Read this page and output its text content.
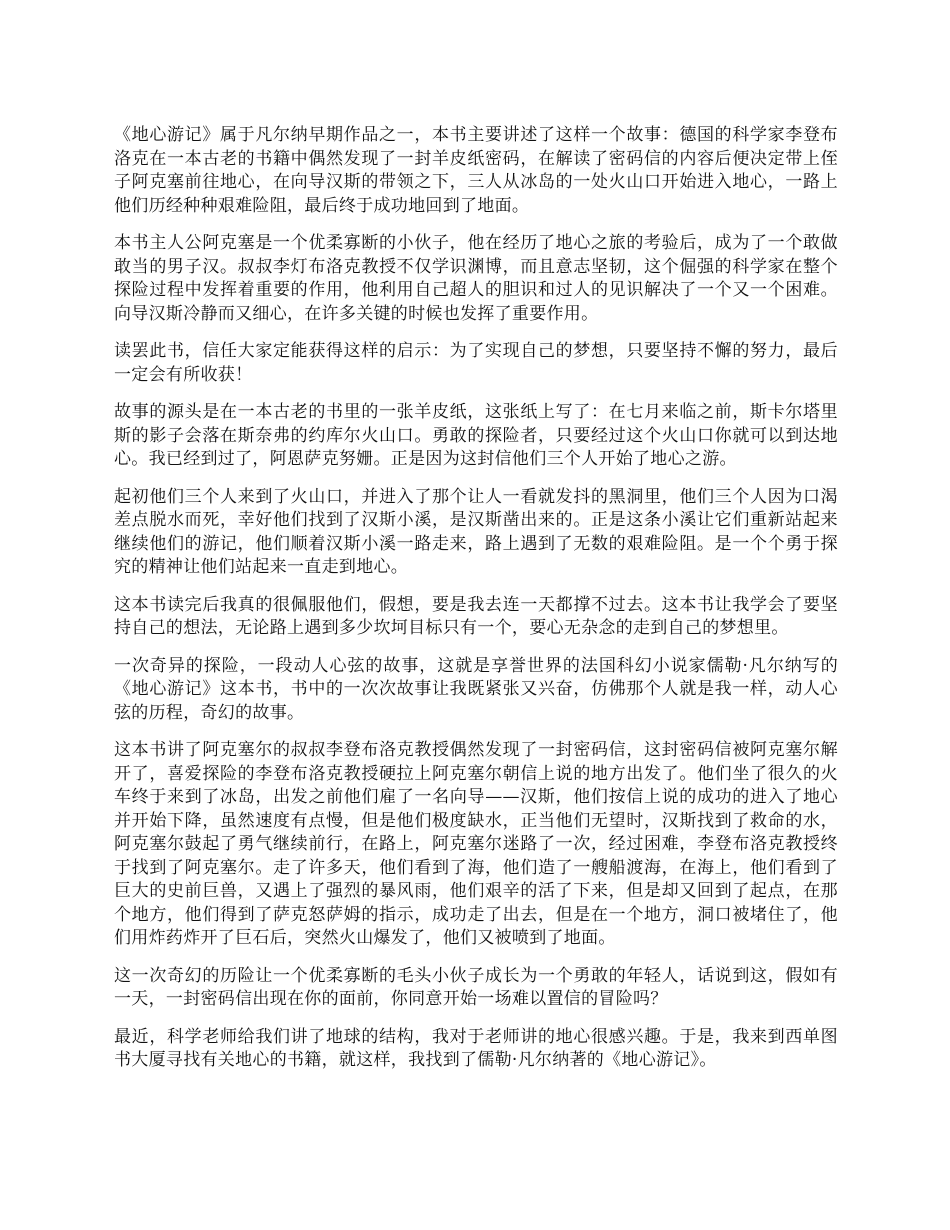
《地心游记》属于凡尔纳早期作品之一，本书主要讲述了这样一个故事：德国的科学家李登布洛克在一本古老的书籍中偶然发现了一封羊皮纸密码，在解读了密码信的内容后便决定带上侄子阿克塞前往地心，在向导汉斯的带领之下，三人从冰岛的一处火山口开始进入地心，一路上他们历经种种艰难险阻，最后终于成功地回到了地面。

本书主人公阿克塞是一个优柔寡断的小伙子，他在经历了地心之旅的考验后，成为了一个敢做敢当的男子汉。叔叔李灯布洛克教授不仅学识渊博，而且意志坚韧，这个倔强的科学家在整个探险过程中发挥着重要的作用，他利用自己超人的胆识和过人的见识解决了一个又一个困难。向导汉斯冷静而又细心，在许多关键的时候也发挥了重要作用。

读罢此书，信任大家定能获得这样的启示：为了实现自己的梦想，只要坚持不懈的努力，最后一定会有所收获！

故事的源头是在一本古老的书里的一张羊皮纸，这张纸上写了：在七月来临之前，斯卡尔塔里斯的影子会落在斯奈弗的约库尔火山口。勇敢的探险者，只要经过这个火山口你就可以到达地心。我已经到过了，阿恩萨克努姗。正是因为这封信他们三个人开始了地心之游。

起初他们三个人来到了火山口，并进入了那个让人一看就发抖的黑洞里，他们三个人因为口渴差点脱水而死，幸好他们找到了汉斯小溪，是汉斯凿出来的。正是这条小溪让它们重新站起来继续他们的游记，他们顺着汉斯小溪一路走来，路上遇到了无数的艰难险阻。是一个个勇于探究的精神让他们站起来一直走到地心。

这本书读完后我真的很佩服他们，假想，要是我去连一天都撑不过去。这本书让我学会了要坚持自己的想法，无论路上遇到多少坎坷目标只有一个，要心无杂念的走到自己的梦想里。

一次奇异的探险，一段动人心弦的故事，这就是享誉世界的法国科幻小说家儒勒·凡尔纳写的《地心游记》这本书，书中的一次次故事让我既紧张又兴奋，仿佛那个人就是我一样，动人心弦的历程，奇幻的故事。

这本书讲了阿克塞尔的叔叔李登布洛克教授偶然发现了一封密码信，这封密码信被阿克塞尔解开了，喜爱探险的李登布洛克教授硬拉上阿克塞尔朝信上说的地方出发了。他们坐了很久的火车终于来到了冰岛，出发之前他们雇了一名向导——汉斯，他们按信上说的成功的进入了地心并开始下降，虽然速度有点慢，但是他们极度缺水，正当他们无望时，汉斯找到了救命的水，阿克塞尔鼓起了勇气继续前行，在路上，阿克塞尔迷路了一次，经过困难，李登布洛克教授终于找到了阿克塞尔。走了许多天，他们看到了海，他们造了一艘船渡海，在海上，他们看到了巨大的史前巨兽，又遇上了强烈的暴风雨，他们艰辛的活了下来，但是却又回到了起点，在那个地方，他们得到了萨克怒萨姆的指示，成功走了出去，但是在一个地方，洞口被堵住了，他们用炸药炸开了巨石后，突然火山爆发了，他们又被喷到了地面。

这一次奇幻的历险让一个优柔寡断的毛头小伙子成长为一个勇敢的年轻人，话说到这，假如有一天，一封密码信出现在你的面前，你同意开始一场难以置信的冒险吗？

最近，科学老师给我们讲了地球的结构，我对于老师讲的地心很感兴趣。于是，我来到西单图书大厦寻找有关地心的书籍，就这样，我找到了儒勒·凡尔纳著的《地心游记》。
